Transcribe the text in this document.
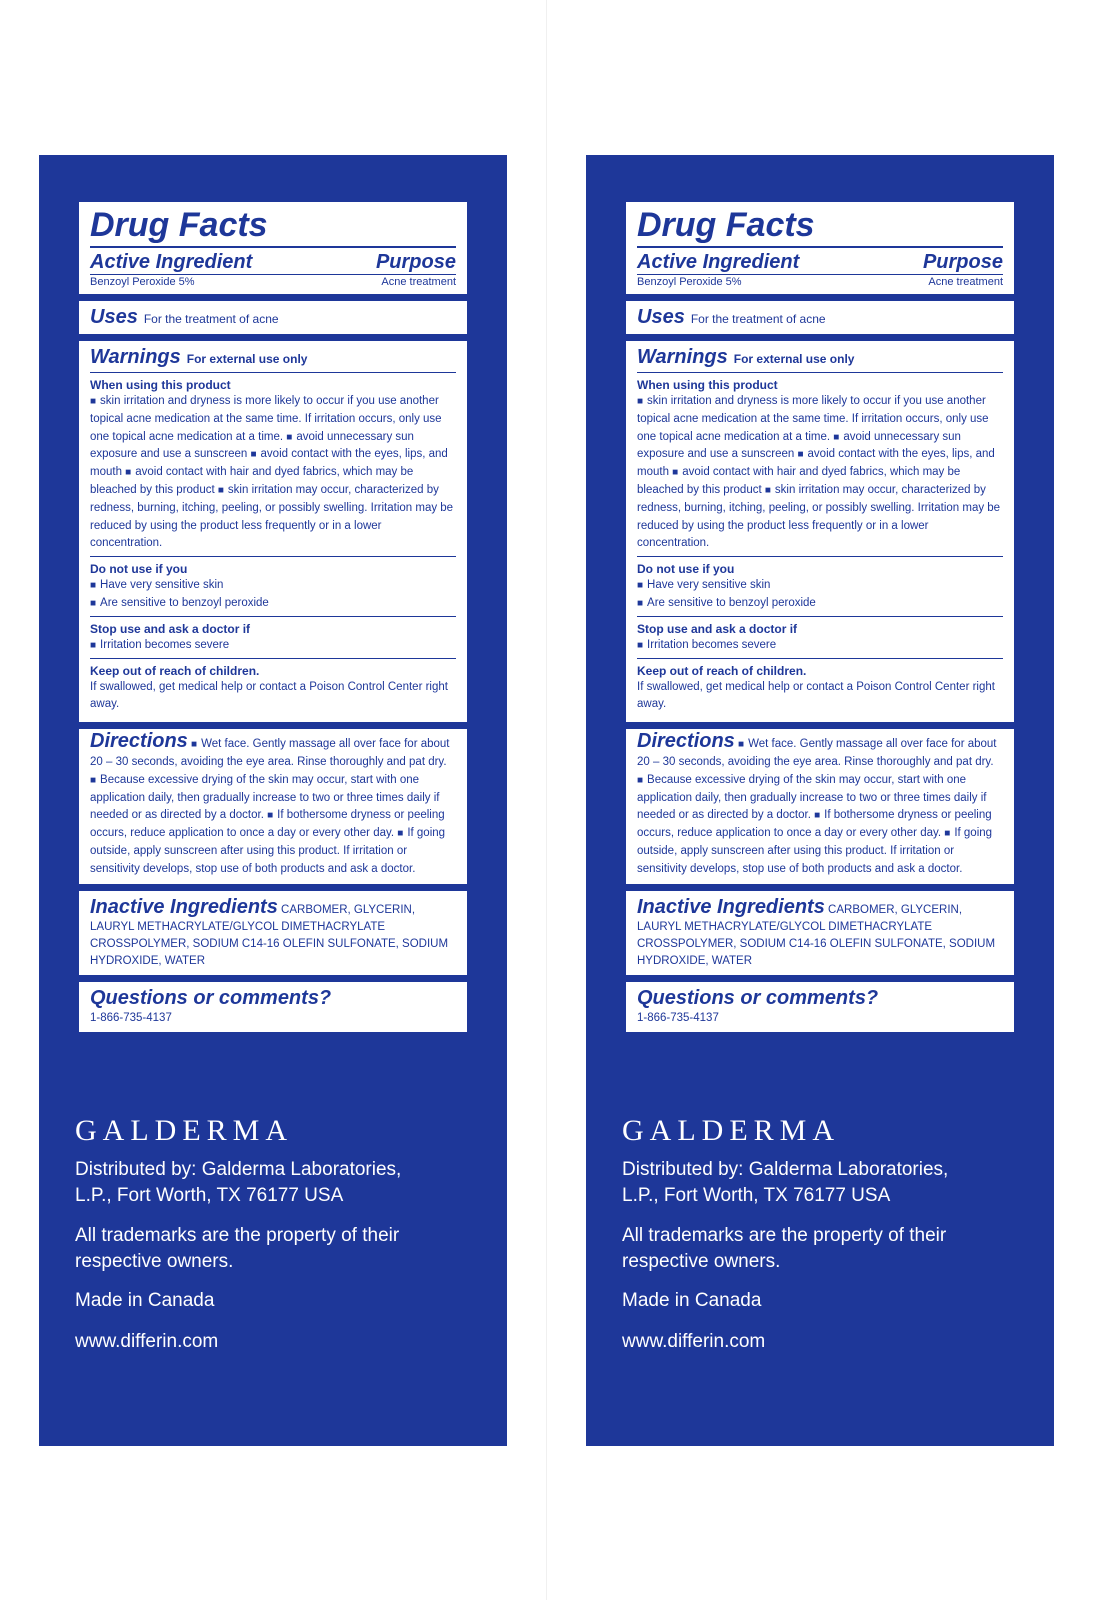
Drug Facts
Active Ingredient	Purpose
Benzoyl Peroxide 5%	Acne treatment
Uses For the treatment of acne
Warnings For external use only
When using this product
■ skin irritation and dryness is more likely to occur if you use another topical acne medication at the same time. If irritation occurs, only use one topical acne medication at a time. ■ avoid unnecessary sun exposure and use a sunscreen ■ avoid contact with the eyes, lips, and mouth ■ avoid contact with hair and dyed fabrics, which may be bleached by this product ■ skin irritation may occur, characterized by redness, burning, itching, peeling, or possibly swelling. Irritation may be reduced by using the product less frequently or in a lower concentration.
Do not use if you
■ Have very sensitive skin
■ Are sensitive to benzoyl peroxide
Stop use and ask a doctor if
■ Irritation becomes severe
Keep out of reach of children.
If swallowed, get medical help or contact a Poison Control Center right away.
Directions ■ Wet face. Gently massage all over face for about 20 – 30 seconds, avoiding the eye area. Rinse thoroughly and pat dry. ■ Because excessive drying of the skin may occur, start with one application daily, then gradually increase to two or three times daily if needed or as directed by a doctor. ■ If bothersome dryness or peeling occurs, reduce application to once a day or every other day. ■ If going outside, apply sunscreen after using this product. If irritation or sensitivity develops, stop use of both products and ask a doctor.
Inactive Ingredients CARBOMER, GLYCERIN, LAURYL METHACRYLATE/GLYCOL DIMETHACRYLATE CROSSPOLYMER, SODIUM C14-16 OLEFIN SULFONATE, SODIUM HYDROXIDE, WATER
Questions or comments?
1-866-735-4137
GALDERMA
Distributed by: Galderma Laboratories, L.P., Fort Worth, TX 76177 USA
All trademarks are the property of their respective owners.
Made in Canada
www.differin.com
Drug Facts
Active Ingredient	Purpose
Benzoyl Peroxide 5%	Acne treatment
Uses For the treatment of acne
Warnings For external use only
When using this product
■ skin irritation and dryness is more likely to occur if you use another topical acne medication at the same time. If irritation occurs, only use one topical acne medication at a time. ■ avoid unnecessary sun exposure and use a sunscreen ■ avoid contact with the eyes, lips, and mouth ■ avoid contact with hair and dyed fabrics, which may be bleached by this product ■ skin irritation may occur, characterized by redness, burning, itching, peeling, or possibly swelling. Irritation may be reduced by using the product less frequently or in a lower concentration.
Do not use if you
■ Have very sensitive skin
■ Are sensitive to benzoyl peroxide
Stop use and ask a doctor if
■ Irritation becomes severe
Keep out of reach of children.
If swallowed, get medical help or contact a Poison Control Center right away.
Directions ■ Wet face. Gently massage all over face for about 20 – 30 seconds, avoiding the eye area. Rinse thoroughly and pat dry. ■ Because excessive drying of the skin may occur, start with one application daily, then gradually increase to two or three times daily if needed or as directed by a doctor. ■ If bothersome dryness or peeling occurs, reduce application to once a day or every other day. ■ If going outside, apply sunscreen after using this product. If irritation or sensitivity develops, stop use of both products and ask a doctor.
Inactive Ingredients CARBOMER, GLYCERIN, LAURYL METHACRYLATE/GLYCOL DIMETHACRYLATE CROSSPOLYMER, SODIUM C14-16 OLEFIN SULFONATE, SODIUM HYDROXIDE, WATER
Questions or comments?
1-866-735-4137
GALDERMA
Distributed by: Galderma Laboratories, L.P., Fort Worth, TX 76177 USA
All trademarks are the property of their respective owners.
Made in Canada
www.differin.com
